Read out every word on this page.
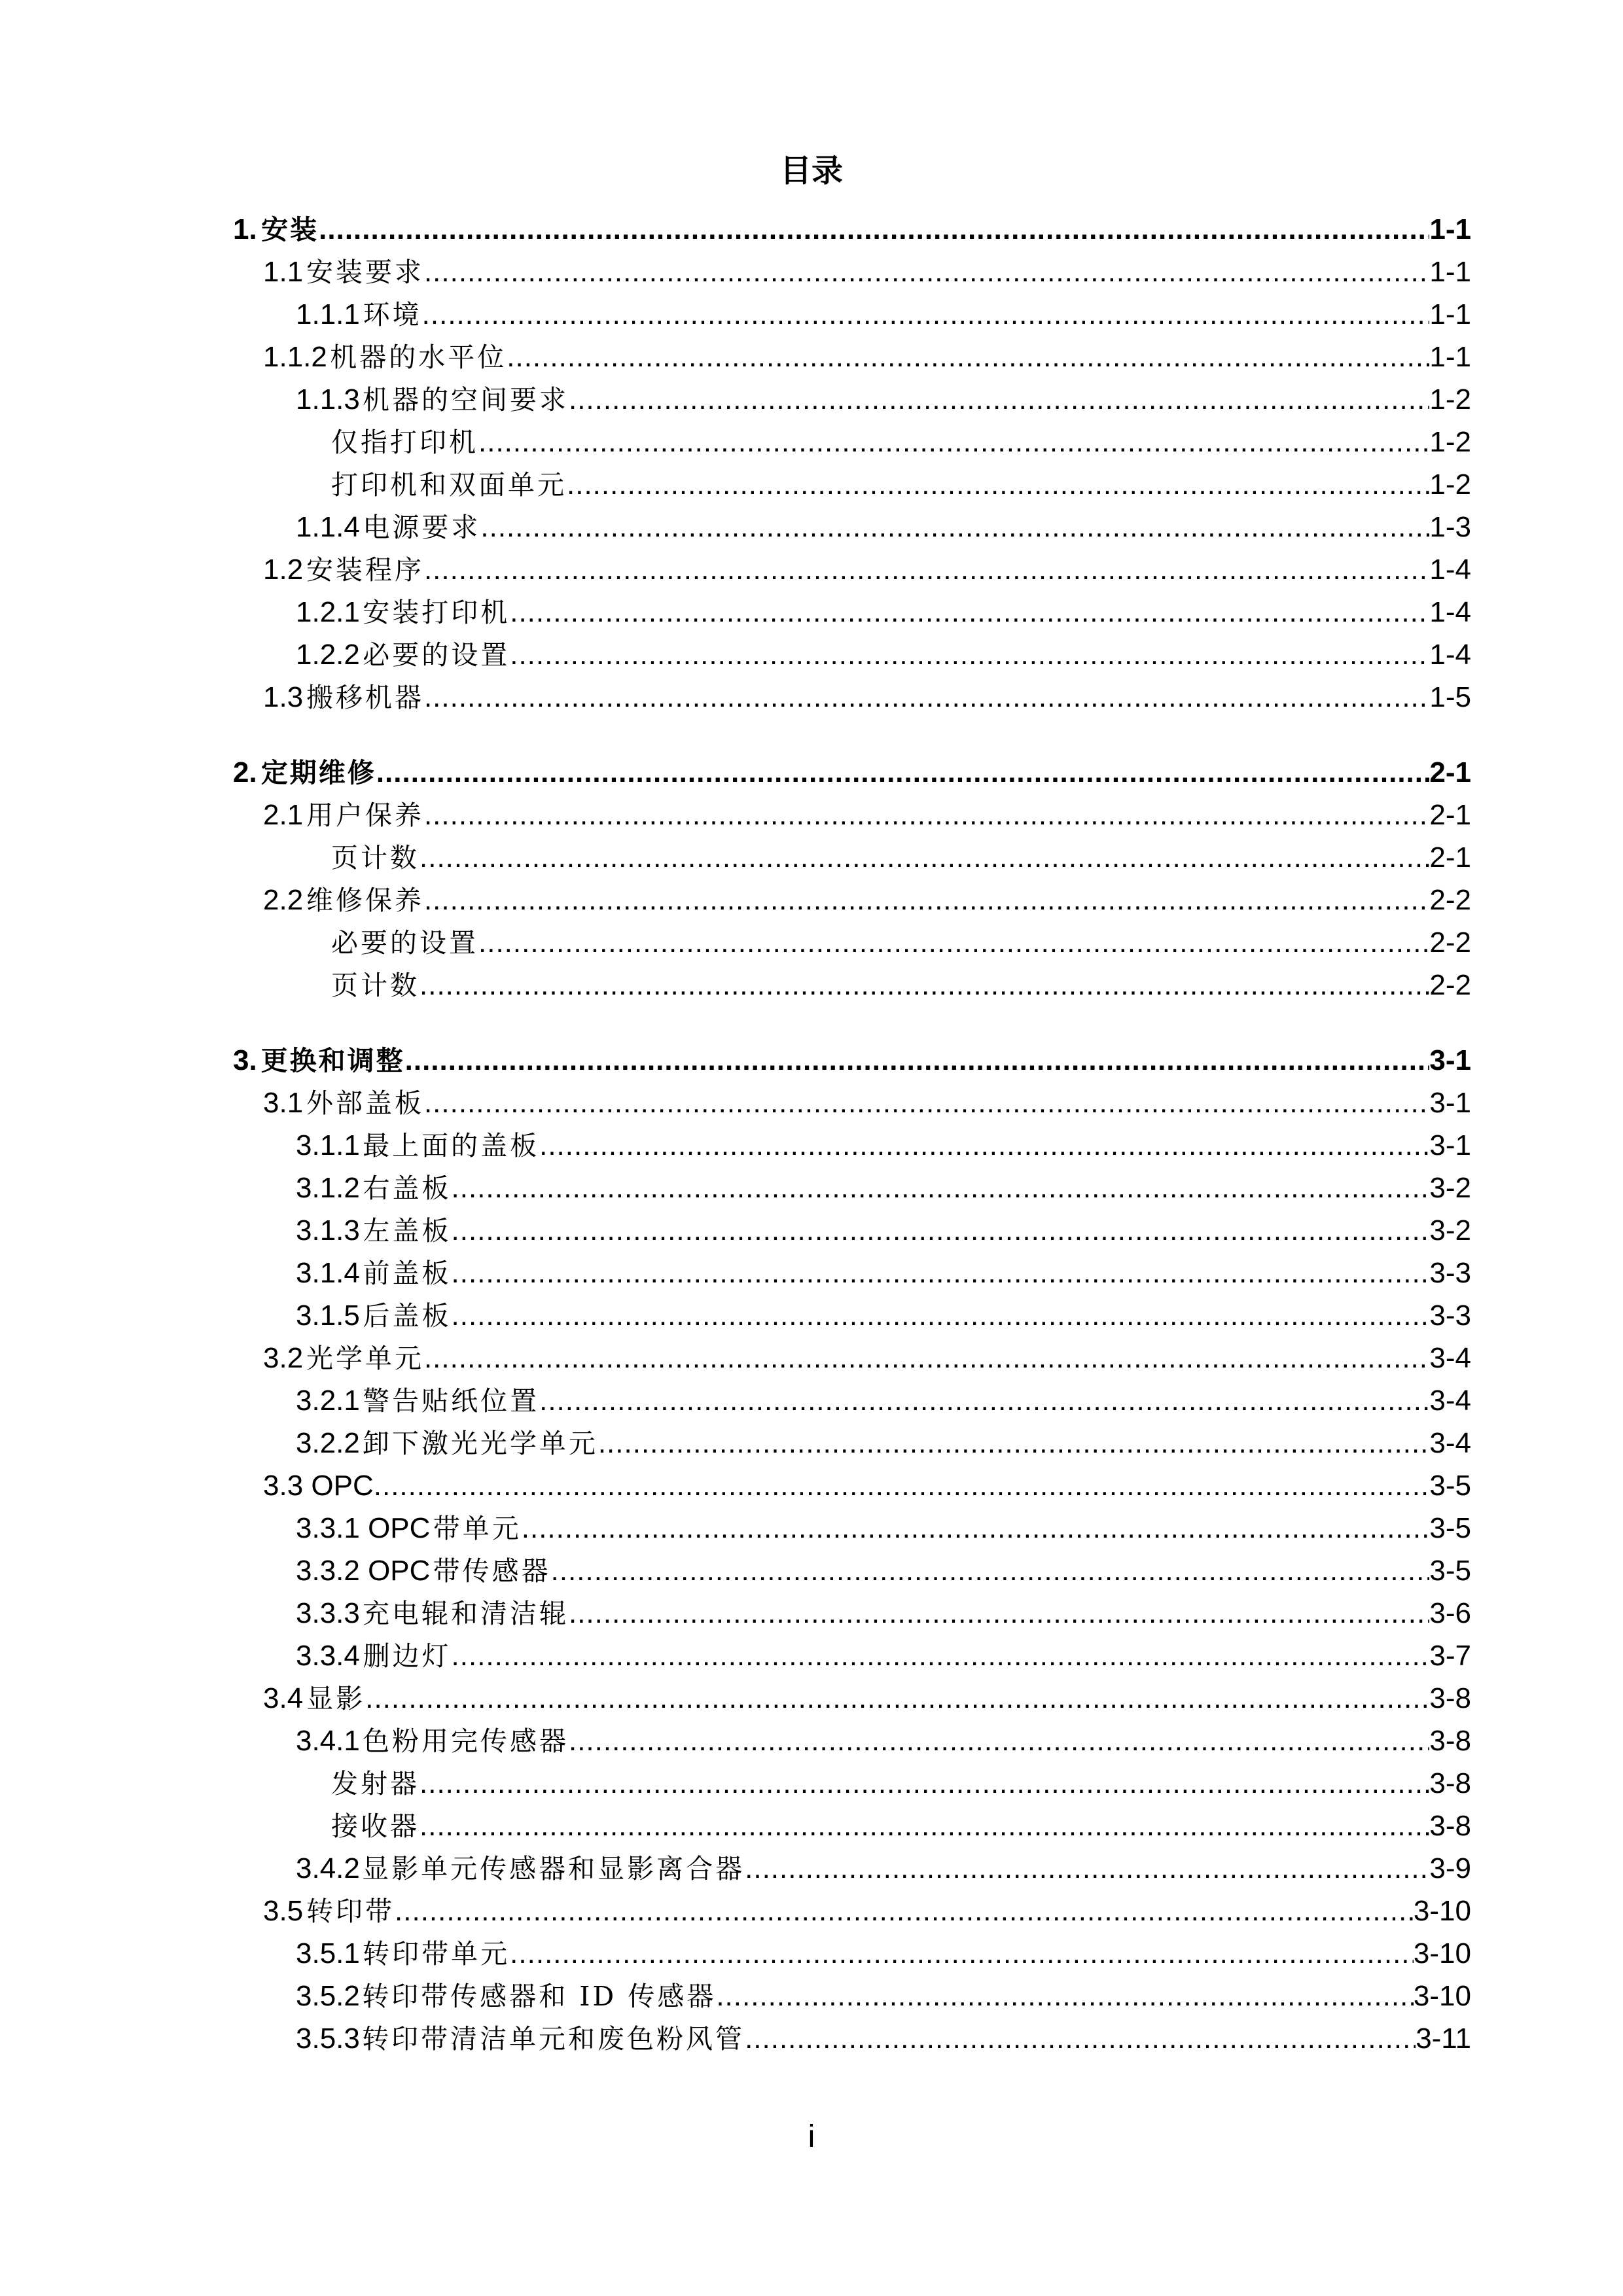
目录
1. 安装 .....	1-1
1.1 安装要求 .....	1-1
1.1.1 环境 .....	1-1
1.1.2 机器的水平位 .....	1-1
1.1.3 机器的空间要求 .....	1-2
仅指打印机 .....	1-2
打印机和双面单元 .....	1-2
1.1.4 电源要求 .....	1-3
1.2 安装程序 .....	1-4
1.2.1 安装打印机 .....	1-4
1.2.2 必要的设置 .....	1-4
1.3 搬移机器 .....	1-5
2. 定期维修 .....	2-1
2.1 用户保养 .....	2-1
页计数 .....	2-1
2.2 维修保养 .....	2-2
必要的设置 .....	2-2
页计数 .....	2-2
3. 更换和调整 .....	3-1
3.1 外部盖板 .....	3-1
3.1.1 最上面的盖板 .....	3-1
3.1.2 右盖板 .....	3-2
3.1.3 左盖板 .....	3-2
3.1.4 前盖板 .....	3-3
3.1.5 后盖板 .....	3-3
3.2 光学单元 .....	3-4
3.2.1 警告贴纸位置 .....	3-4
3.2.2 卸下激光光学单元 .....	3-4
3.3 OPC .....	3-5
3.3.1 OPC 带单元 .....	3-5
3.3.2 OPC 带传感器 .....	3-5
3.3.3 充电辊和清洁辊 .....	3-6
3.3.4 删边灯 .....	3-7
3.4 显影 .....	3-8
3.4.1 色粉用完传感器 .....	3-8
发射器 .....	3-8
接收器 .....	3-8
3.4.2 显影单元传感器和显影离合器 .....	3-9
3.5 转印带 .....	3-10
3.5.1 转印带单元 .....	3-10
3.5.2 转印带传感器和 ID 传感器 .....	3-10
3.5.3 转印带清洁单元和废色粉风管 .....	3-11
i
